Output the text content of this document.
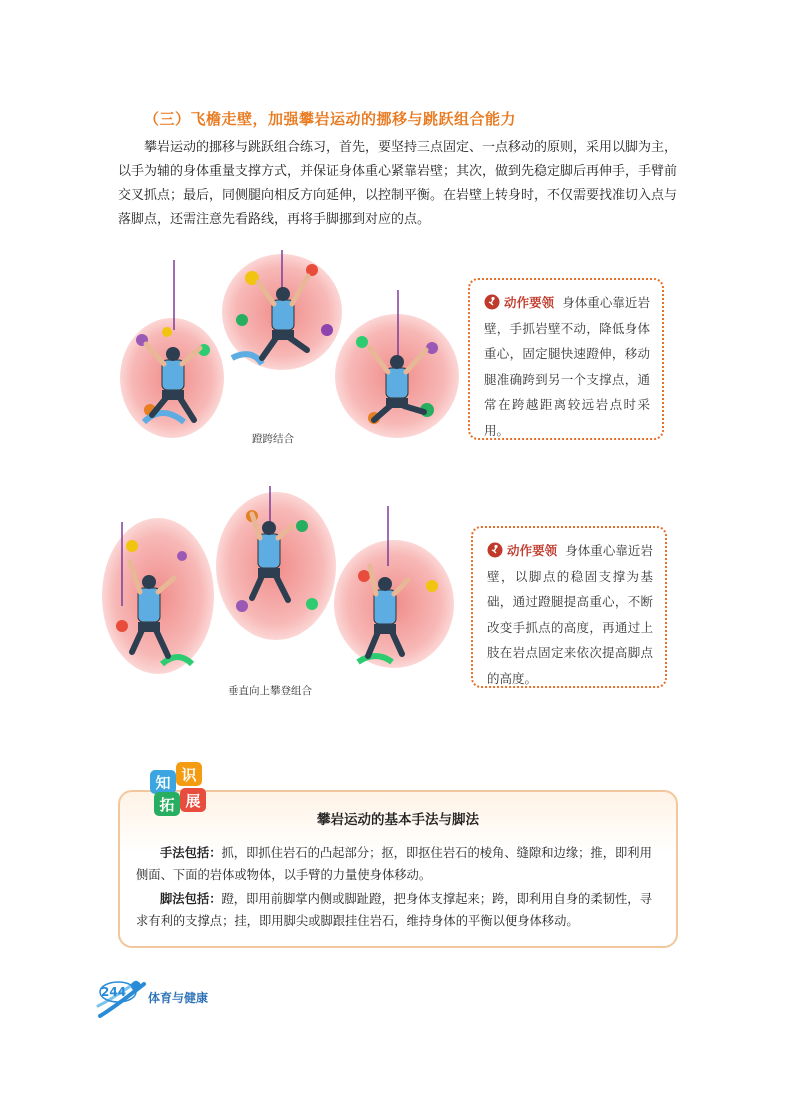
（三）飞檐走壁，加强攀岩运动的挪移与跳跃组合能力

攀岩运动的挪移与跳跃组合练习，首先，要坚持三点固定、一点移动的原则，采用以脚为主，以手为辅的身体重量支撑方式，并保证身体重心紧靠岩壁；其次，做到先稳定脚后再伸手，手臂前交叉抓点；最后，同侧腿向相反方向延伸，以控制平衡。在岩壁上转身时，不仅需要找准切入点与落脚点，还需注意先看路线，再将手脚挪到对应的点。

蹬跨结合
动作要领 身体重心靠近岩壁，手抓岩壁不动，降低身体重心，固定腿快速蹬伸，移动腿准确跨到另一个支撑点，通常在跨越距离较远岩点时采用。
垂直向上攀登组合
动作要领 身体重心靠近岩壁，以脚点的稳固支撑为基础，通过蹬腿提高重心，不断改变手抓点的高度，再通过上肢在岩点固定来依次提高脚点的高度。
知 识
拓 展
攀岩运动的基本手法与脚法

手法包括：抓，即抓住岩石的凸起部分；抠，即抠住岩石的棱角、缝隙和边缘；推，即利用侧面、下面的岩体或物体，以手臂的力量使身体移动。

脚法包括：蹬，即用前脚掌内侧或脚趾蹬，把身体支撑起来；跨，即利用自身的柔韧性，寻求有利的支撑点；挂，即用脚尖或脚跟挂住岩石，维持身体的平衡以便身体移动。

244 体育与健康
